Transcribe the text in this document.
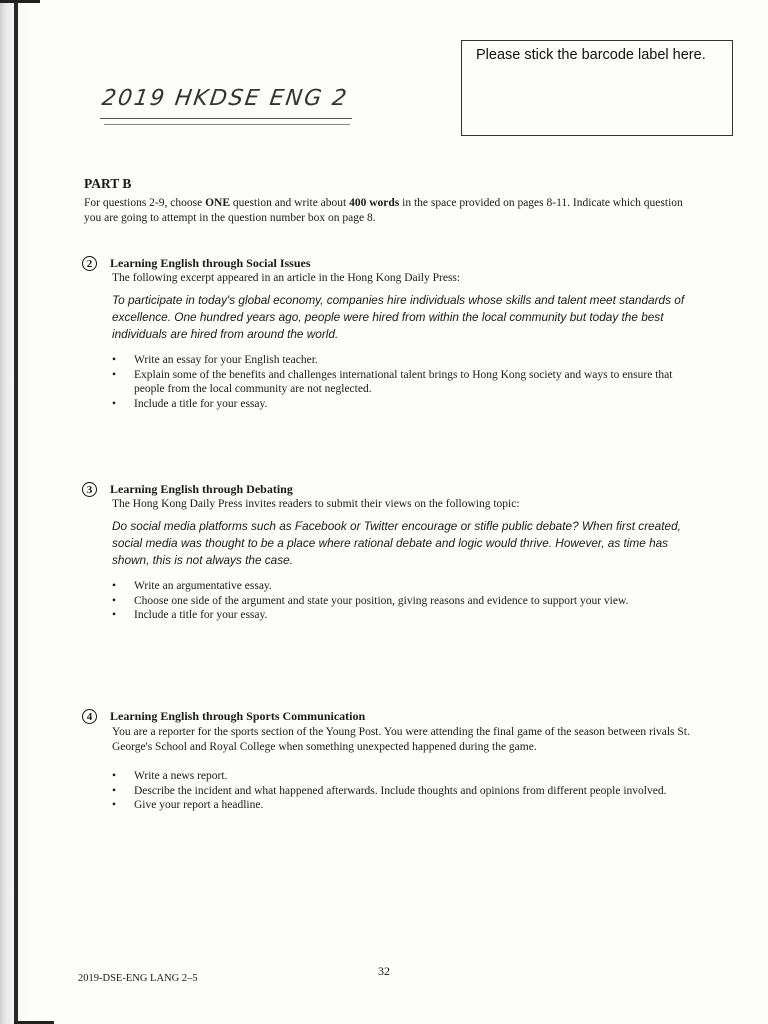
Please stick the barcode label here.
2019 HKDSE ENG 2
PART B
For questions 2-9, choose ONE question and write about 400 words in the space provided on pages 8-11. Indicate which question you are going to attempt in the question number box on page 8.
2	Learning English through Social Issues
The following excerpt appeared in an article in the Hong Kong Daily Press:
To participate in today's global economy, companies hire individuals whose skills and talent meet standards of excellence. One hundred years ago, people were hired from within the local community but today the best individuals are hired from around the world.
• Write an essay for your English teacher.
• Explain some of the benefits and challenges international talent brings to Hong Kong society and ways to ensure that people from the local community are not neglected.
• Include a title for your essay.
3	Learning English through Debating
The Hong Kong Daily Press invites readers to submit their views on the following topic:
Do social media platforms such as Facebook or Twitter encourage or stifle public debate? When first created, social media was thought to be a place where rational debate and logic would thrive. However, as time has shown, this is not always the case.
• Write an argumentative essay.
• Choose one side of the argument and state your position, giving reasons and evidence to support your view.
• Include a title for your essay.
4	Learning English through Sports Communication
You are a reporter for the sports section of the Young Post. You were attending the final game of the season between rivals St. George's School and Royal College when something unexpected happened during the game.
• Write a news report.
• Describe the incident and what happened afterwards. Include thoughts and opinions from different people involved.
• Give your report a headline.
32
2019-DSE-ENG LANG 2–5
